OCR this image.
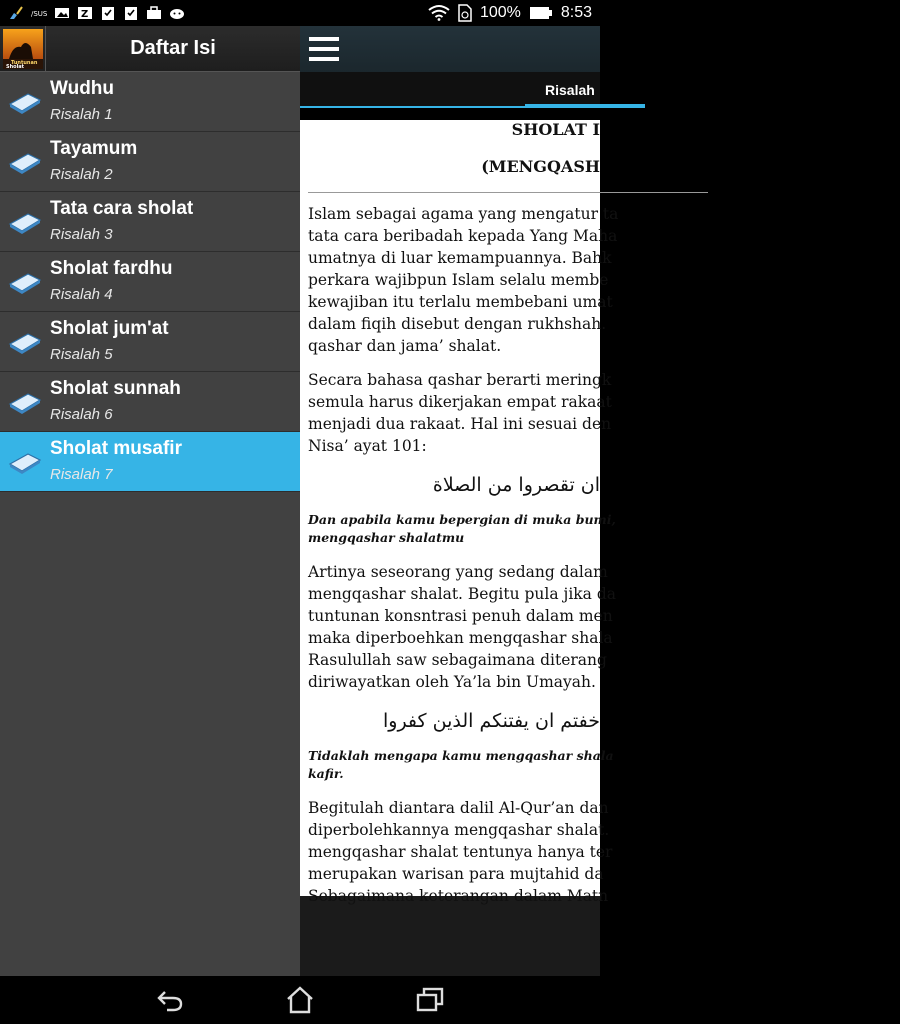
/SUS	Z	100%	8:53
Tuntunan
Sholat
Daftar Isi
Wudhu
Risalah 1
Tayamum
Risalah 2
Tata cara sholat
Risalah 3
Sholat fardhu
Risalah 4
Sholat jum'at
Risalah 5
Sholat sunnah
Risalah 6
Sholat musafir
Risalah 7
Risalah
SHOLAT I
(MENGQASH

Islam sebagai agama yang mengatur ta
tata cara beribadah kepada Yang Maha
umatnya di luar kemampuannya. Bahk
perkara wajibpun Islam selalu membe
kewajiban itu terlalu membebani umat
dalam fiqih disebut dengan rukhshah.
qashar dan jama’ shalat.

Secara bahasa qashar berarti meringk
semula harus dikerjakan empat rakaat
menjadi dua rakaat. Hal ini sesuai den
Nisa’ ayat 101:

ان تقصروا من الصلاة

Dan apabila kamu bepergian di muka bumi,
mengqashar shalatmu

Artinya seseorang yang sedang dalam
mengqashar shalat. Begitu pula jika da
tuntunan konsntrasi penuh dalam men
maka diperboehkan mengqashar shala
Rasulullah saw sebagaimana diterang
diriwayatkan oleh Ya’la bin Umayah.

خفتم ان يفتنكم الذين كفروا

Tidaklah mengapa kamu mengqashar shala
kafir.

Begitulah diantara dalil Al-Qur’an dan
diperbolehkannya mengqashar shalat.
mengqashar shalat tentunya hanya ter
merupakan warisan para mujtahid da
Sebagaimana keterangan dalam Matn
